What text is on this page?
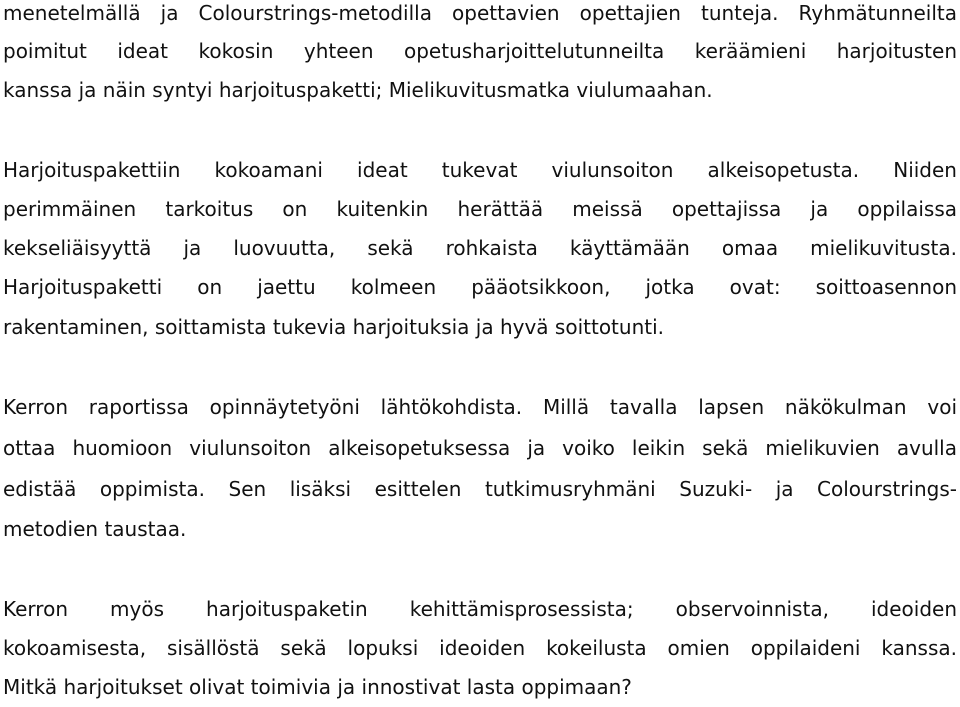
menetelmällä ja Colourstrings-metodilla opettavien opettajien tunteja. Ryhmätunneilta
poimitut ideat kokosin yhteen opetusharjoittelutunneilta keräämieni harjoitusten
kanssa ja näin syntyi harjoituspaketti; Mielikuvitusmatka viulumaahan.
Harjoituspakettiin kokoamani ideat tukevat viulunsoiton alkeisopetusta. Niiden
perimmäinen tarkoitus on kuitenkin herättää meissä opettajissa ja oppilaissa
kekseliäisyyttä ja luovuutta, sekä rohkaista käyttämään omaa mielikuvitusta.
Harjoituspaketti on jaettu kolmeen pääotsikkoon, jotka ovat: soittoasennon
rakentaminen, soittamista tukevia harjoituksia ja hyvä soittotunti.
Kerron raportissa opinnäytetyöni lähtökohdista. Millä tavalla lapsen näkökulman voi
ottaa huomioon viulunsoiton alkeisopetuksessa ja voiko leikin sekä mielikuvien avulla
edistää oppimista. Sen lisäksi esittelen tutkimusryhmäni Suzuki- ja Colourstrings-
metodien taustaa.
Kerron myös harjoituspaketin kehittämisprosessista; observoinnista, ideoiden
kokoamisesta, sisällöstä sekä lopuksi ideoiden kokeilusta omien oppilaideni kanssa.
Mitkä harjoitukset olivat toimivia ja innostivat lasta oppimaan?
